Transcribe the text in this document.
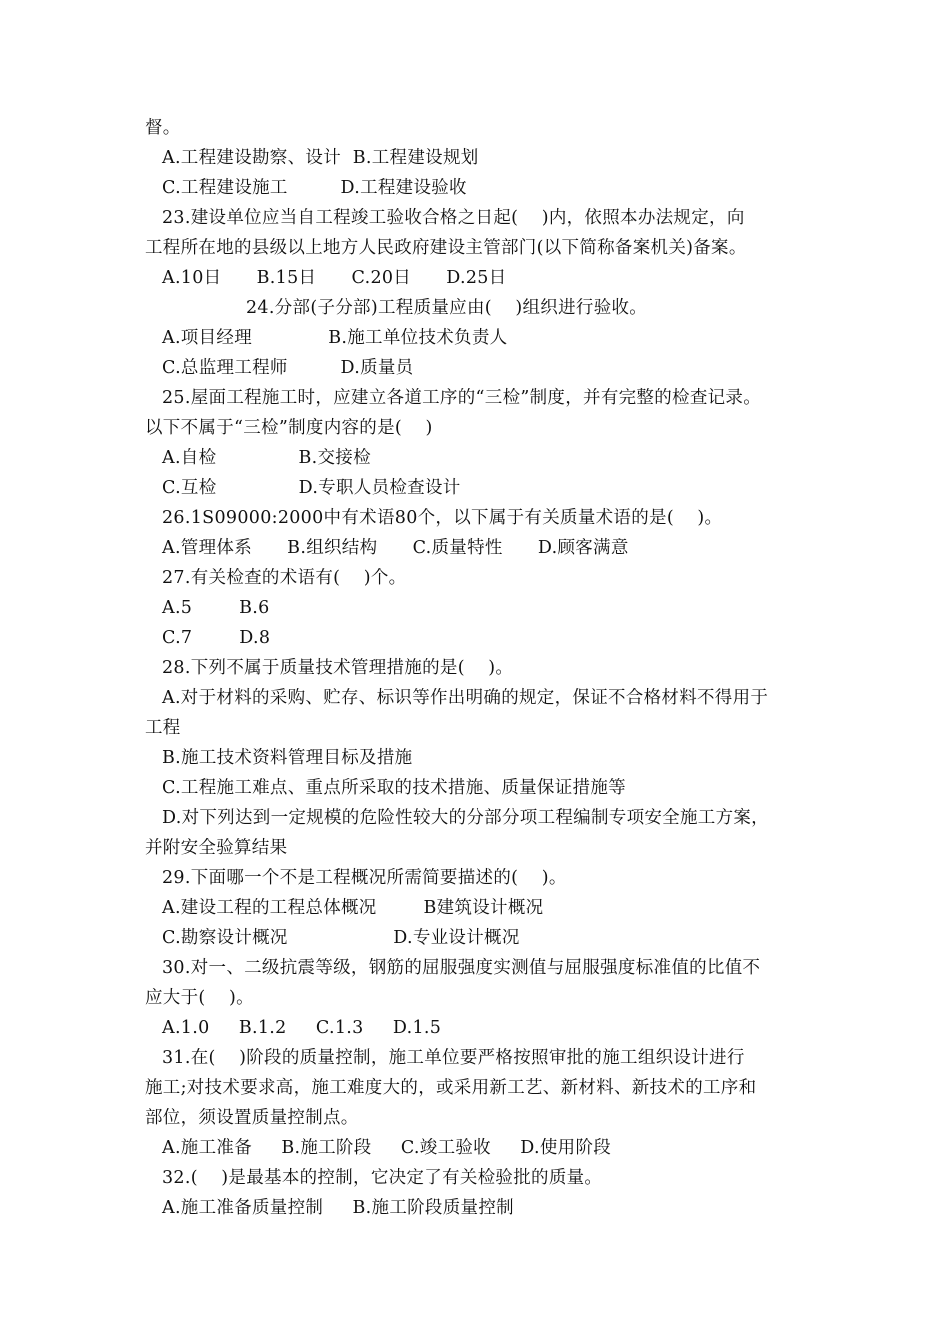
督。
A.工程建设勘察、设计  B.工程建设规划
C.工程建设施工         D.工程建设验收
23.建设单位应当自工程竣工验收合格之日起(    )内，依照本办法规定，向
工程所在地的县级以上地方人民政府建设主管部门(以下简称备案机关)备案。
A.10日      B.15日      C.20日      D.25日
24.分部(子分部)工程质量应由(    )组织进行验收。
A.项目经理             B.施工单位技术负责人
C.总监理工程师         D.质量员
25.屋面工程施工时，应建立各道工序的“三检”制度，并有完整的检查记录。
以下不属于“三检”制度内容的是(    )
A.自检              B.交接检
C.互检              D.专职人员检查设计
26.1S09000:2000中有术语80个，以下属于有关质量术语的是(    )。
A.管理体系      B.组织结构      C.质量特性      D.顾客满意
27.有关检查的术语有(    )个。
A.5        B.6
C.7        D.8
28.下列不属于质量技术管理措施的是(    )。
A.对于材料的采购、贮存、标识等作出明确的规定，保证不合格材料不得用于
工程
B.施工技术资料管理目标及措施
C.工程施工难点、重点所采取的技术措施、质量保证措施等
D.对下列达到一定规模的危险性较大的分部分项工程编制专项安全施工方案，
并附安全验算结果
29.下面哪一个不是工程概况所需简要描述的(    )。
A.建设工程的工程总体概况        B建筑设计概况
C.勘察设计概况                  D.专业设计概况
30.对一、二级抗震等级，钢筋的屈服强度实测值与屈服强度标准值的比值不
应大于(    )。
A.1.0     B.1.2     C.1.3     D.1.5
31.在(    )阶段的质量控制，施工单位要严格按照审批的施工组织设计进行
施工;对技术要求高，施工难度大的，或采用新工艺、新材料、新技术的工序和
部位，须设置质量控制点。
A.施工准备     B.施工阶段     C.竣工验收     D.使用阶段
32.(    )是最基本的控制，它决定了有关检验批的质量。
A.施工准备质量控制     B.施工阶段质量控制
